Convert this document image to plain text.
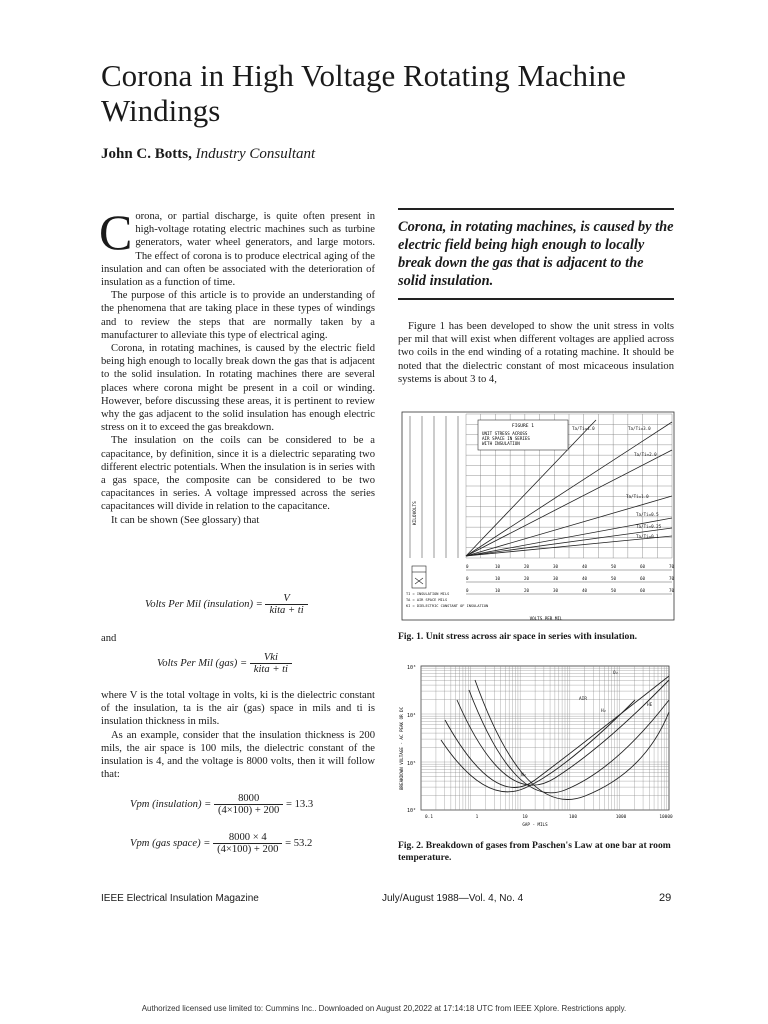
Corona in High Voltage Rotating Machine Windings
John C. Botts, Industry Consultant

Corona, or partial discharge, is quite often present in high-voltage rotating electric machines such as turbine generators, water wheel generators, and large motors. The effect of corona is to produce electrical aging of the insulation and can often be associated with the deterioration of insulation as a function of time.

The purpose of this article is to provide an understanding of the phenomena that are taking place in these types of windings and to review the steps that are normally taken by a manufacturer to alleviate this type of electrical aging.

Corona, in rotating machines, is caused by the electric field being high enough to locally break down the gas that is adjacent to the solid insulation. In rotating machines there are several places where corona might be present in a coil or winding. However, before discussing these areas, it is pertinent to review why the gas adjacent to the solid insulation has enough electric stress on it to exceed the gas breakdown.

The insulation on the coils can be considered to be a capacitance, by definition, since it is a dielectric separating two different electric potentials. When the insulation is in series with a gas space, the composite can be considered to be two capacitances in series. A voltage impressed across the series capacitances will divide in relation to the capacitance.

It can be shown (See glossary) that

Volts Per Mil (insulation) = $\frac{V}{\text{kita + ti}}$
and
Volts Per Mil $(gas) = \frac{\text{Vki}}{\text{kita + ti}}$

where V is the total voltage in volts, ki is the dielectric constant of the insulation, ta is the air (gas) space in mils and ti is insulation thickness in mils.

As an example, consider that the insulation thickness is 200 mils, the air space is 100 mils, the dielectric constant of the insulation is 4, and the voltage is 8000 volts, then it will follow that:

Vpm (insulation) = $\frac{8000}{(4\times 100) + 200} = 13.3$
Vpm (gas space) = $\frac{8000 \times 4}{(4\times 100) + 200} = 53.2$
Corona, in rotating machines, is caused by the electric field being high enough to locally break down the gas that is adjacent to the solid insulation.

Figure 1 has been developed to show the unit stress in volts per mil that will exist when different voltages are applied across two coils in the end winding of a rotating machine. It should be noted that the dielectric constant of most micaceous insulation systems is about 3 to 4,

FIGURE 1
UNIT STRESS ACROSS
AIR SPACE IN SERIES
WITH INSULATION
Ta/Ti=4.0	Ta/Ti=3.0
Ta/Ti=2.0
Ta/Ti=1.0
Ta/Ti=0.5
Ta/Ti=0.25
Ta/Ti=0.1
KILOVOLTS
0	10	20	30	40	50	60	70
0	10	20	30	40	50	60	70
0	10	20	30	40	50	60	70
VOLTS PER MIL
TI = INSULATION MILS
TA = AIR SPACE MILS
KI = DIELECTRIC CONSTANT OF INSULATION
Fig. 1. Unit stress across air space in series with insulation.
10³
10⁴
10⁵
10²
0.1	1	10	100	1000	10000
GAP - MILS
BREAKDOWN VOLTAGE - AC PEAK OR DC
AIR
H₂
HE
N₂
O₂
Fig. 2. Breakdown of gases from Paschen's Law at one bar at room temperature.
IEEE Electrical Insulation Magazine	July/August 1988—Vol. 4, No. 4	29
Authorized licensed use limited to: Cummins Inc.. Downloaded on August 20,2022 at 17:14:18 UTC from IEEE Xplore. Restrictions apply.
